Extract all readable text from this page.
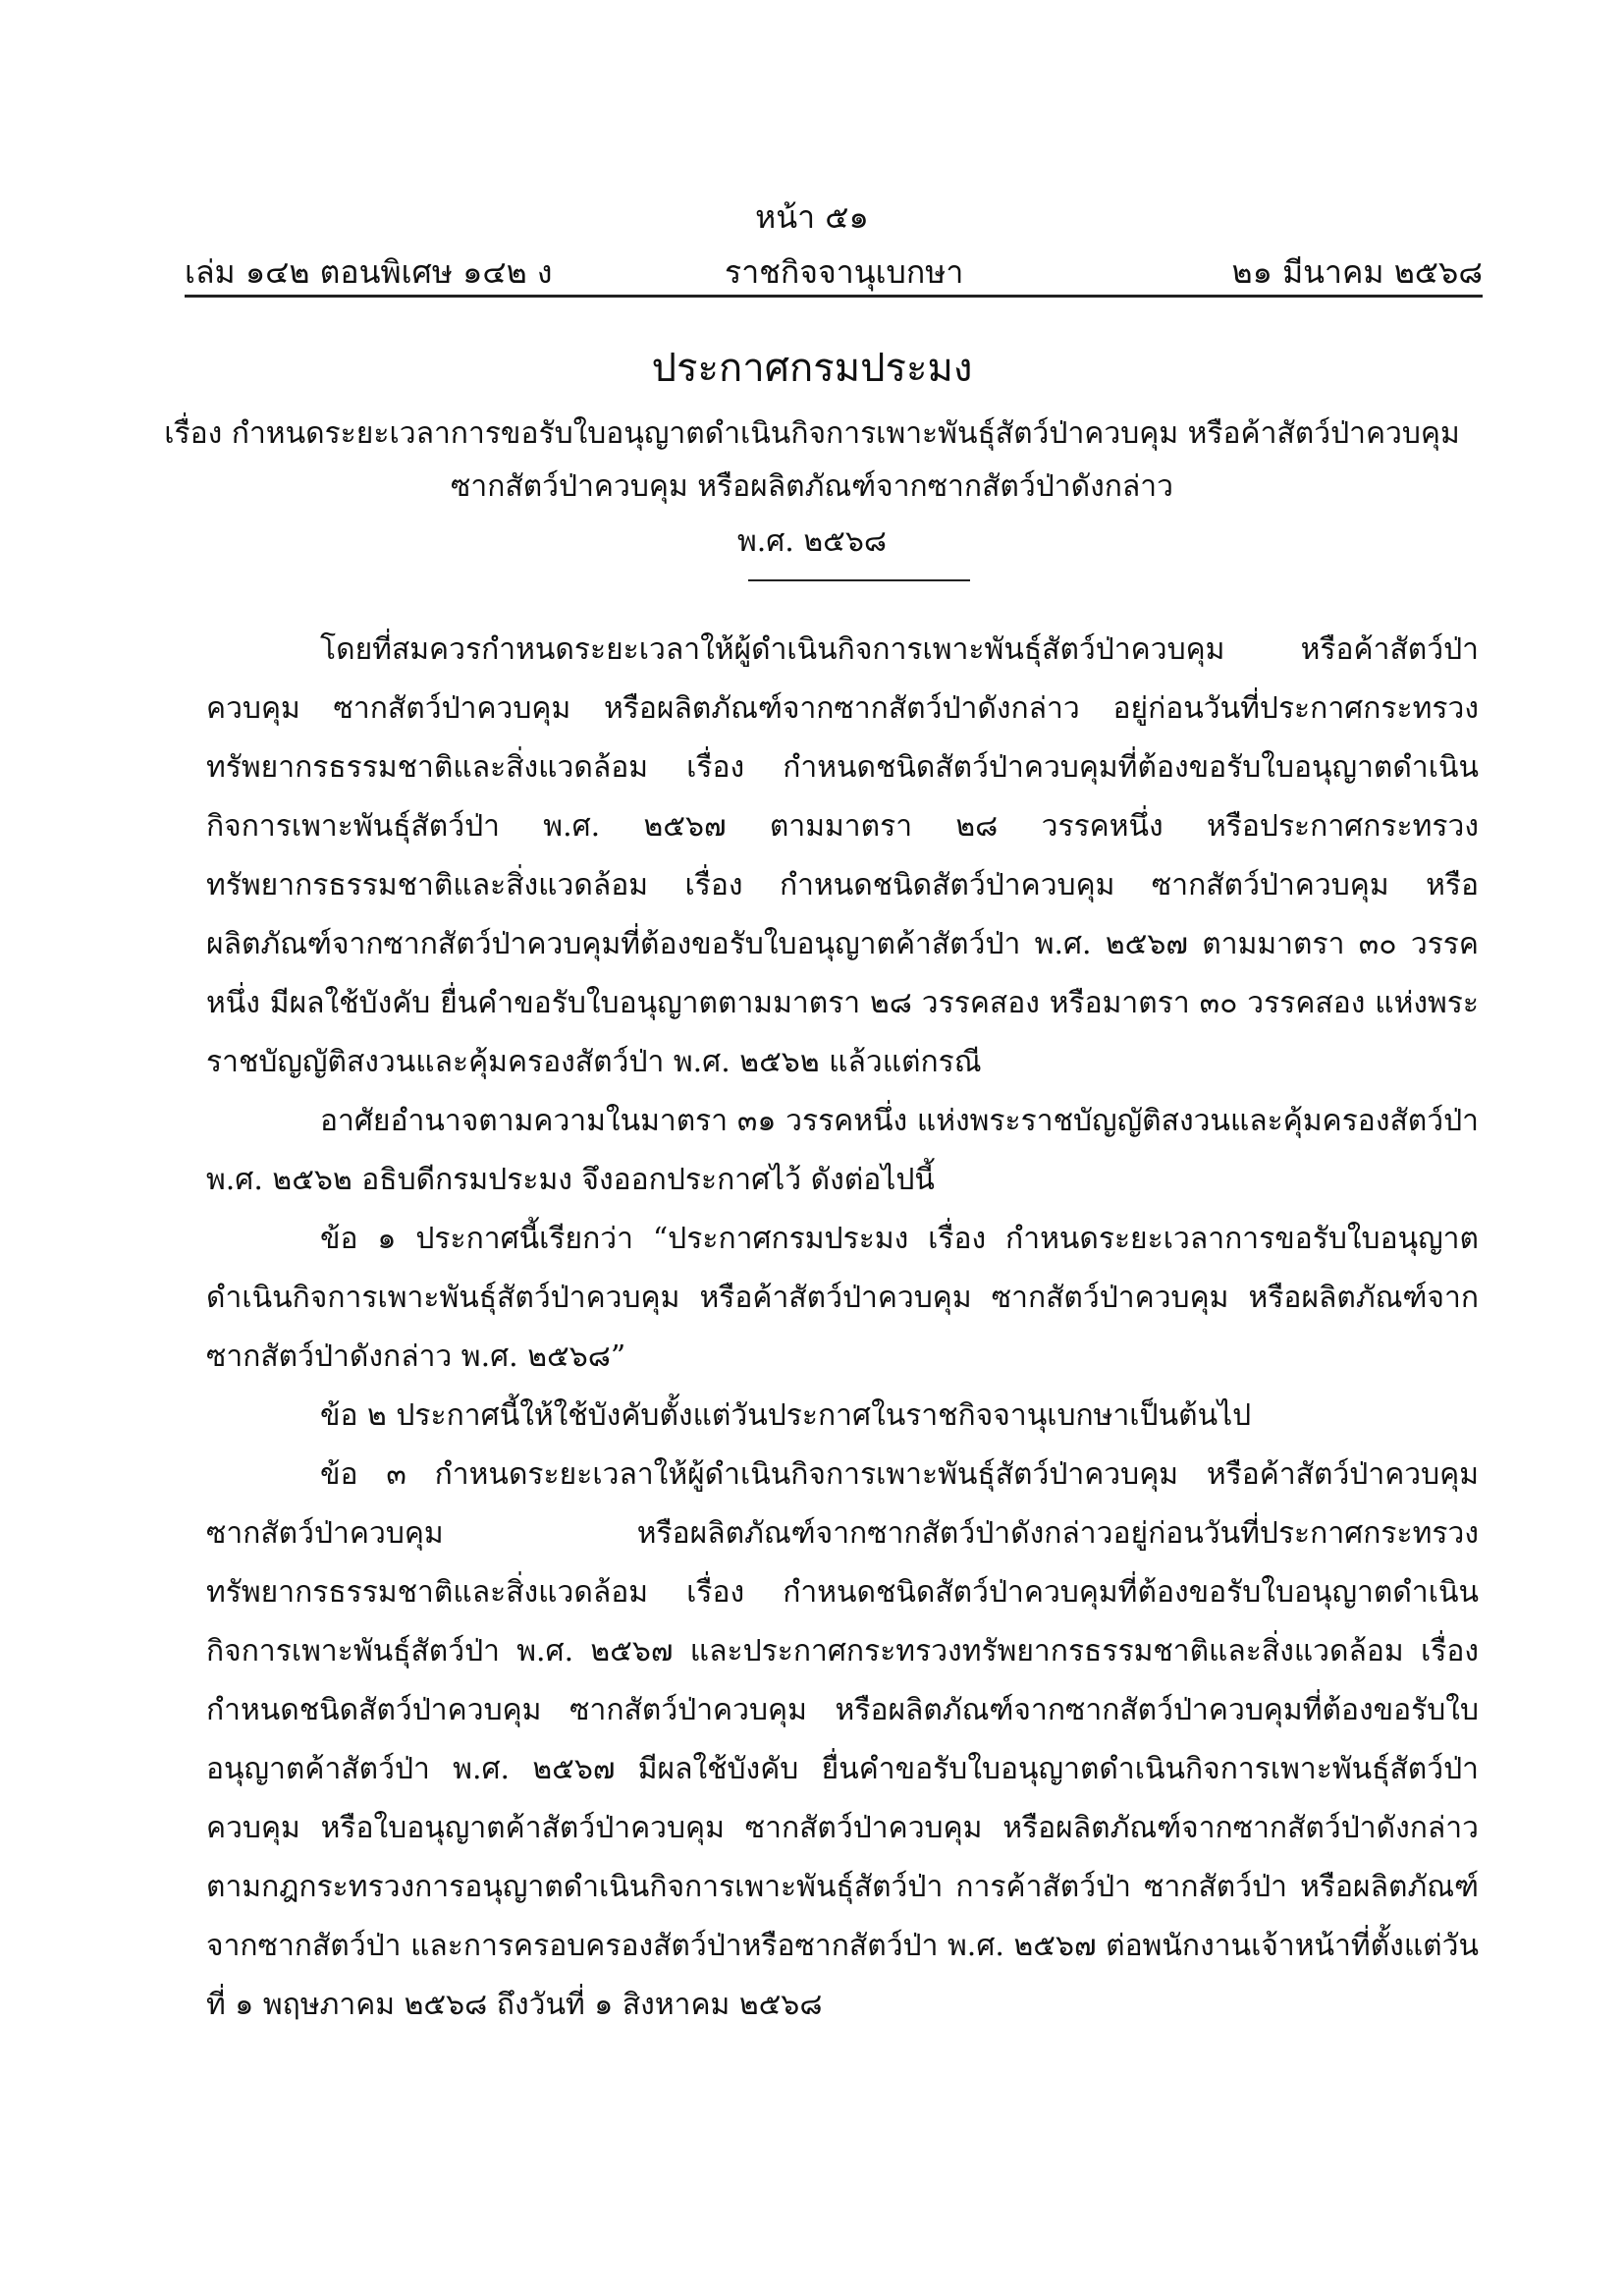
หน้า ๕๑
เล่ม ๑๔๒ ตอนพิเศษ ๑๔๒ ง	ราชกิจจานุเบกษา	๒๑ มีนาคม ๒๕๖๘
ประกาศกรมประมง
เรื่อง กำหนดระยะเวลาการขอรับใบอนุญาตดำเนินกิจการเพาะพันธุ์สัตว์ป่าควบคุม หรือค้าสัตว์ป่าควบคุม
ซากสัตว์ป่าควบคุม หรือผลิตภัณฑ์จากซากสัตว์ป่าดังกล่าว
พ.ศ. ๒๕๖๘

โดยที่สมควรกำหนดระยะเวลาให้ผู้ดำเนินกิจการเพาะพันธุ์สัตว์ป่าควบคุม หรือค้าสัตว์ป่าควบคุม ซากสัตว์ป่าควบคุม หรือผลิตภัณฑ์จากซากสัตว์ป่าดังกล่าว อยู่ก่อนวันที่ประกาศกระทรวงทรัพยากรธรรมชาติและสิ่งแวดล้อม เรื่อง กำหนดชนิดสัตว์ป่าควบคุมที่ต้องขอรับใบอนุญาตดำเนินกิจการเพาะพันธุ์สัตว์ป่า พ.ศ. ๒๕๖๗ ตามมาตรา ๒๘ วรรคหนึ่ง หรือประกาศกระทรวงทรัพยากรธรรมชาติและสิ่งแวดล้อม เรื่อง กำหนดชนิดสัตว์ป่าควบคุม ซากสัตว์ป่าควบคุม หรือผลิตภัณฑ์จากซากสัตว์ป่าควบคุมที่ต้องขอรับใบอนุญาตค้าสัตว์ป่า พ.ศ. ๒๕๖๗ ตามมาตรา ๓๐ วรรคหนึ่ง มีผลใช้บังคับ ยื่นคำขอรับใบอนุญาตตามมาตรา ๒๘ วรรคสอง หรือมาตรา ๓๐ วรรคสอง แห่งพระราชบัญญัติสงวนและคุ้มครองสัตว์ป่า พ.ศ. ๒๕๖๒ แล้วแต่กรณี

อาศัยอำนาจตามความในมาตรา ๓๑ วรรคหนึ่ง แห่งพระราชบัญญัติสงวนและคุ้มครองสัตว์ป่า พ.ศ. ๒๕๖๒ อธิบดีกรมประมง จึงออกประกาศไว้ ดังต่อไปนี้

ข้อ ๑ ประกาศนี้เรียกว่า “ประกาศกรมประมง เรื่อง กำหนดระยะเวลาการขอรับใบอนุญาตดำเนินกิจการเพาะพันธุ์สัตว์ป่าควบคุม หรือค้าสัตว์ป่าควบคุม ซากสัตว์ป่าควบคุม หรือผลิตภัณฑ์จากซากสัตว์ป่าดังกล่าว พ.ศ. ๒๕๖๘”

ข้อ ๒ ประกาศนี้ให้ใช้บังคับตั้งแต่วันประกาศในราชกิจจานุเบกษาเป็นต้นไป

ข้อ ๓ กำหนดระยะเวลาให้ผู้ดำเนินกิจการเพาะพันธุ์สัตว์ป่าควบคุม หรือค้าสัตว์ป่าควบคุม ซากสัตว์ป่าควบคุม หรือผลิตภัณฑ์จากซากสัตว์ป่าดังกล่าวอยู่ก่อนวันที่ประกาศกระทรวงทรัพยากรธรรมชาติและสิ่งแวดล้อม เรื่อง กำหนดชนิดสัตว์ป่าควบคุมที่ต้องขอรับใบอนุญาตดำเนินกิจการเพาะพันธุ์สัตว์ป่า พ.ศ. ๒๕๖๗ และประกาศกระทรวงทรัพยากรธรรมชาติและสิ่งแวดล้อม เรื่อง กำหนดชนิดสัตว์ป่าควบคุม ซากสัตว์ป่าควบคุม หรือผลิตภัณฑ์จากซากสัตว์ป่าควบคุมที่ต้องขอรับใบอนุญาตค้าสัตว์ป่า พ.ศ. ๒๕๖๗ มีผลใช้บังคับ ยื่นคำขอรับใบอนุญาตดำเนินกิจการเพาะพันธุ์สัตว์ป่าควบคุม หรือใบอนุญาตค้าสัตว์ป่าควบคุม ซากสัตว์ป่าควบคุม หรือผลิตภัณฑ์จากซากสัตว์ป่าดังกล่าว ตามกฎกระทรวงการอนุญาตดำเนินกิจการเพาะพันธุ์สัตว์ป่า การค้าสัตว์ป่า ซากสัตว์ป่า หรือผลิตภัณฑ์จากซากสัตว์ป่า และการครอบครองสัตว์ป่าหรือซากสัตว์ป่า พ.ศ. ๒๕๖๗ ต่อพนักงานเจ้าหน้าที่ตั้งแต่วันที่ ๑ พฤษภาคม ๒๕๖๘ ถึงวันที่ ๑ สิงหาคม ๒๕๖๘
